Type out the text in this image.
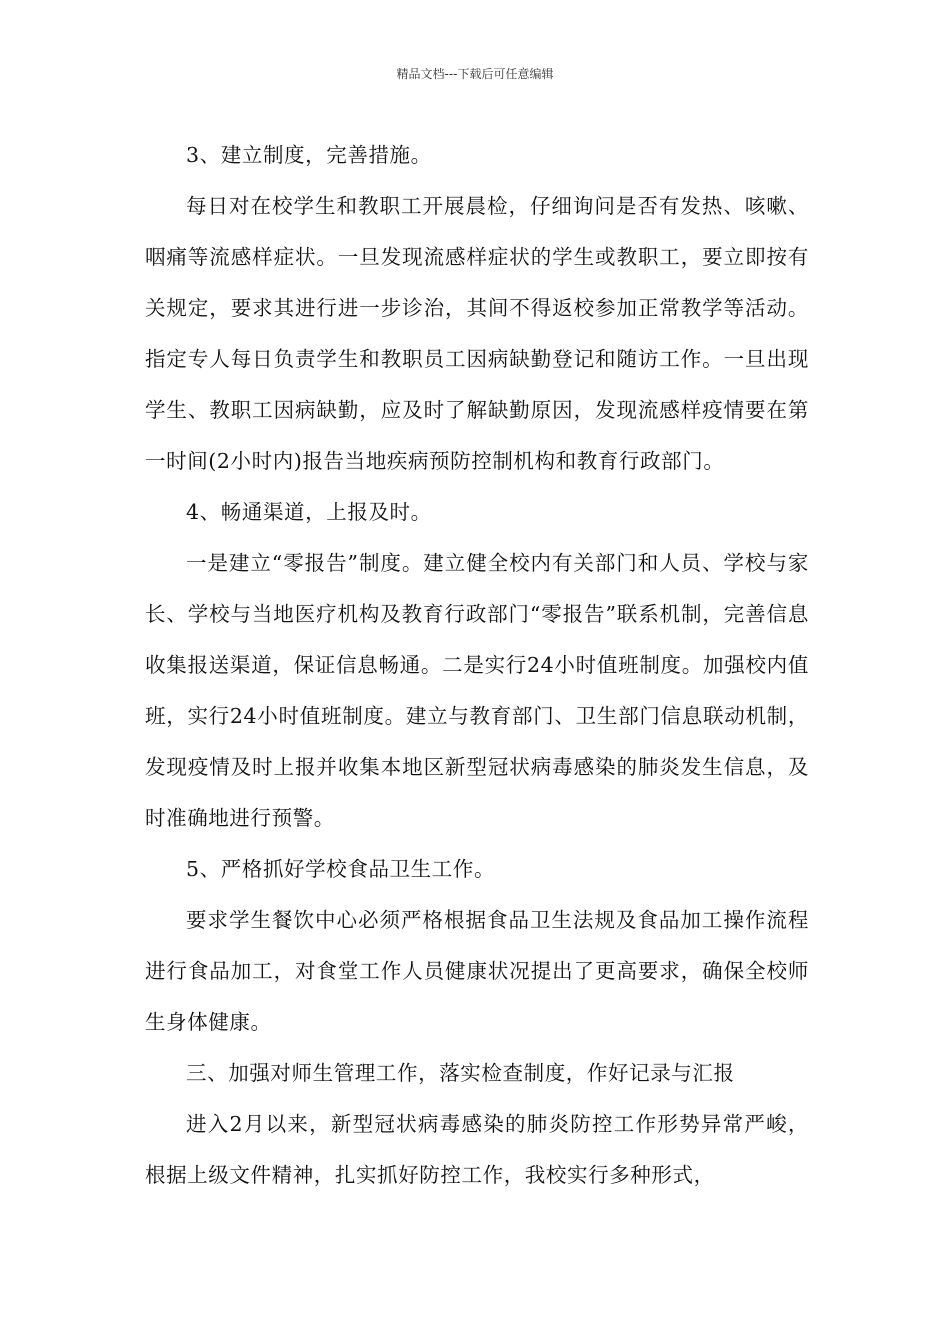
精品文档---下载后可任意编辑

3、建立制度，完善措施。

每日对在校学生和教职工开展晨检，仔细询问是否有发热、咳嗽、咽痛等流感样症状。一旦发现流感样症状的学生或教职工，要立即按有关规定，要求其进行进一步诊治，其间不得返校参加正常教学等活动。指定专人每日负责学生和教职员工因病缺勤登记和随访工作。一旦出现学生、教职工因病缺勤，应及时了解缺勤原因，发现流感样疫情要在第一时间(2小时内)报告当地疾病预防控制机构和教育行政部门。

4、畅通渠道，上报及时。

一是建立“零报告”制度。建立健全校内有关部门和人员、学校与家长、学校与当地医疗机构及教育行政部门“零报告”联系机制，完善信息收集报送渠道，保证信息畅通。二是实行24小时值班制度。加强校内值班，实行24小时值班制度。建立与教育部门、卫生部门信息联动机制，发现疫情及时上报并收集本地区新型冠状病毒感染的肺炎发生信息，及时准确地进行预警。

5、严格抓好学校食品卫生工作。

要求学生餐饮中心必须严格根据食品卫生法规及食品加工操作流程进行食品加工，对食堂工作人员健康状况提出了更高要求，确保全校师生身体健康。

三、加强对师生管理工作，落实检查制度，作好记录与汇报

进入2月以来，新型冠状病毒感染的肺炎防控工作形势异常严峻，根据上级文件精神，扎实抓好防控工作，我校实行多种形式，
